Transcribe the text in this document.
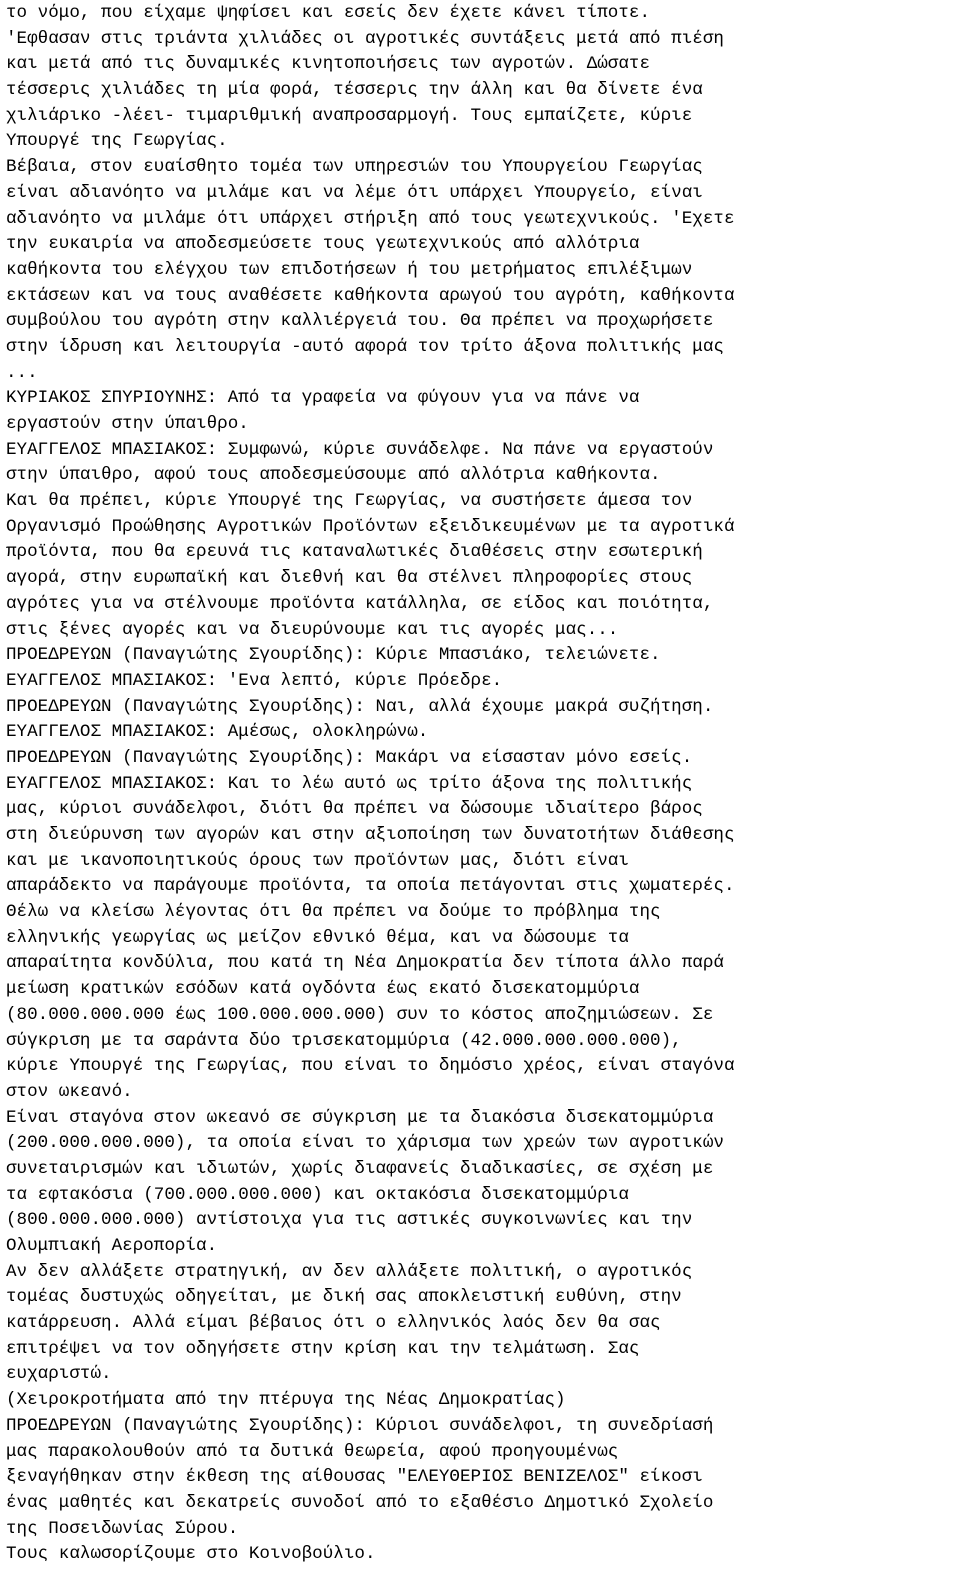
το νόμο, που είχαμε ψηφίσει και εσείς δεν έχετε κάνει τίποτε.
'Εφθασαν στις τριάντα χιλιάδες οι αγροτικές συντάξεις μετά από πιέση
και μετά από τις δυναμικές κινητοποιήσεις των αγροτών. Δώσατε
τέσσερις χιλιάδες τη μία φορά, τέσσερις την άλλη και θα δίνετε ένα
χιλιάρικο -λέει- τιμαριθμική αναπροσαρμογή. Τους εμπαίζετε, κύριε
Υπουργέ της Γεωργίας.
Βέβαια, στον ευαίσθητο τομέα των υπηρεσιών του Υπουργείου Γεωργίας
είναι αδιανόητο να μιλάμε και να λέμε ότι υπάρχει Υπουργείο, είναι
αδιανόητο να μιλάμε ότι υπάρχει στήριξη από τους γεωτεχνικούς. 'Εχετε
την ευκαιρία να αποδεσμεύσετε τους γεωτεχνικούς από αλλότρια
καθήκοντα του ελέγχου των επιδοτήσεων ή του μετρήματος επιλέξιμων
εκτάσεων και να τους αναθέσετε καθήκοντα αρωγού του αγρότη, καθήκοντα
συμβούλου του αγρότη στην καλλιέργειά του. Θα πρέπει να προχωρήσετε
στην ίδρυση και λειτουργία -αυτό αφορά τον τρίτο άξονα πολιτικής μας
...
ΚΥΡΙΑΚΟΣ ΣΠΥΡΙΟΥΝΗΣ: Από τα γραφεία να φύγουν για να πάνε να
εργαστούν στην ύπαιθρο.
ΕΥΑΓΓΕΛΟΣ ΜΠΑΣΙΑΚΟΣ: Συμφωνώ, κύριε συνάδελφε. Να πάνε να εργαστούν
στην ύπαιθρο, αφού τους αποδεσμεύσουμε από αλλότρια καθήκοντα.
Και θα πρέπει, κύριε Υπουργέ της Γεωργίας, να συστήσετε άμεσα τον
Οργανισμό Προώθησης Αγροτικών Προϊόντων εξειδικευμένων με τα αγροτικά
προϊόντα, που θα ερευνά τις καταναλωτικές διαθέσεις στην εσωτερική
αγορά, στην ευρωπαϊκή και διεθνή και θα στέλνει πληροφορίες στους
αγρότες για να στέλνουμε προϊόντα κατάλληλα, σε είδος και ποιότητα,
στις ξένες αγορές και να διευρύνουμε και τις αγορές μας...
ΠΡΟΕΔΡΕΥΩΝ (Παναγιώτης Σγουρίδης): Κύριε Μπασιάκο, τελειώνετε.
ΕΥΑΓΓΕΛΟΣ ΜΠΑΣΙΑΚΟΣ: 'Ενα λεπτό, κύριε Πρόεδρε.
ΠΡΟΕΔΡΕΥΩΝ (Παναγιώτης Σγουρίδης): Ναι, αλλά έχουμε μακρά συζήτηση.
ΕΥΑΓΓΕΛΟΣ ΜΠΑΣΙΑΚΟΣ: Αμέσως, ολοκληρώνω.
ΠΡΟΕΔΡΕΥΩΝ (Παναγιώτης Σγουρίδης): Μακάρι να είσασταν μόνο εσείς.
ΕΥΑΓΓΕΛΟΣ ΜΠΑΣΙΑΚΟΣ: Και το λέω αυτό ως τρίτο άξονα της πολιτικής
μας, κύριοι συνάδελφοι, διότι θα πρέπει να δώσουμε ιδιαίτερο βάρος
στη διεύρυνση των αγορών και στην αξιοποίηση των δυνατοτήτων διάθεσης
και με ικανοποιητικούς όρους των προϊόντων μας, διότι είναι
απαράδεκτο να παράγουμε προϊόντα, τα οποία πετάγονται στις χωματερές.
Θέλω να κλείσω λέγοντας ότι θα πρέπει να δούμε το πρόβλημα της
ελληνικής γεωργίας ως μείζον εθνικό θέμα, και να δώσουμε τα
απαραίτητα κονδύλια, που κατά τη Νέα Δημοκρατία δεν τίποτα άλλο παρά
μείωση κρατικών εσόδων κατά ογδόντα έως εκατό δισεκατομμύρια
(80.000.000.000 έως 100.000.000.000) συν το κόστος αποζημιώσεων. Σε
σύγκριση με τα σαράντα δύο τρισεκατομμύρια (42.000.000.000.000),
κύριε Υπουργέ της Γεωργίας, που είναι το δημόσιο χρέος, είναι σταγόνα
στον ωκεανό.
Είναι σταγόνα στον ωκεανό σε σύγκριση με τα διακόσια δισεκατομμύρια
(200.000.000.000), τα οποία είναι το χάρισμα των χρεών των αγροτικών
συνεταιρισμών και ιδιωτών, χωρίς διαφανείς διαδικασίες, σε σχέση με
τα εφτακόσια (700.000.000.000) και οκτακόσια δισεκατομμύρια
(800.000.000.000) αντίστοιχα για τις αστικές συγκοινωνίες και την
Ολυμπιακή Αεροπορία.
Αν δεν αλλάξετε στρατηγική, αν δεν αλλάξετε πολιτική, ο αγροτικός
τομέας δυστυχώς οδηγείται, με δική σας αποκλειστική ευθύνη, στην
κατάρρευση. Αλλά είμαι βέβαιος ότι ο ελληνικός λαός δεν θα σας
επιτρέψει να τον οδηγήσετε στην κρίση και την τελμάτωση. Σας
ευχαριστώ.
(Χειροκροτήματα από την πτέρυγα της Νέας Δημοκρατίας)
ΠΡΟΕΔΡΕΥΩΝ (Παναγιώτης Σγουρίδης): Κύριοι συνάδελφοι, τη συνεδρίασή
μας παρακολουθούν από τα δυτικά θεωρεία, αφού προηγουμένως
ξεναγήθηκαν στην έκθεση της αίθουσας "ΕΛΕΥΘΕΡΙΟΣ ΒΕΝΙΖΕΛΟΣ" είκοσι
ένας μαθητές και δεκατρείς συνοδοί από το εξαθέσιο Δημοτικό Σχολείο
της Ποσειδωνίας Σύρου.
Τους καλωσορίζουμε στο Κοινοβούλιο.
